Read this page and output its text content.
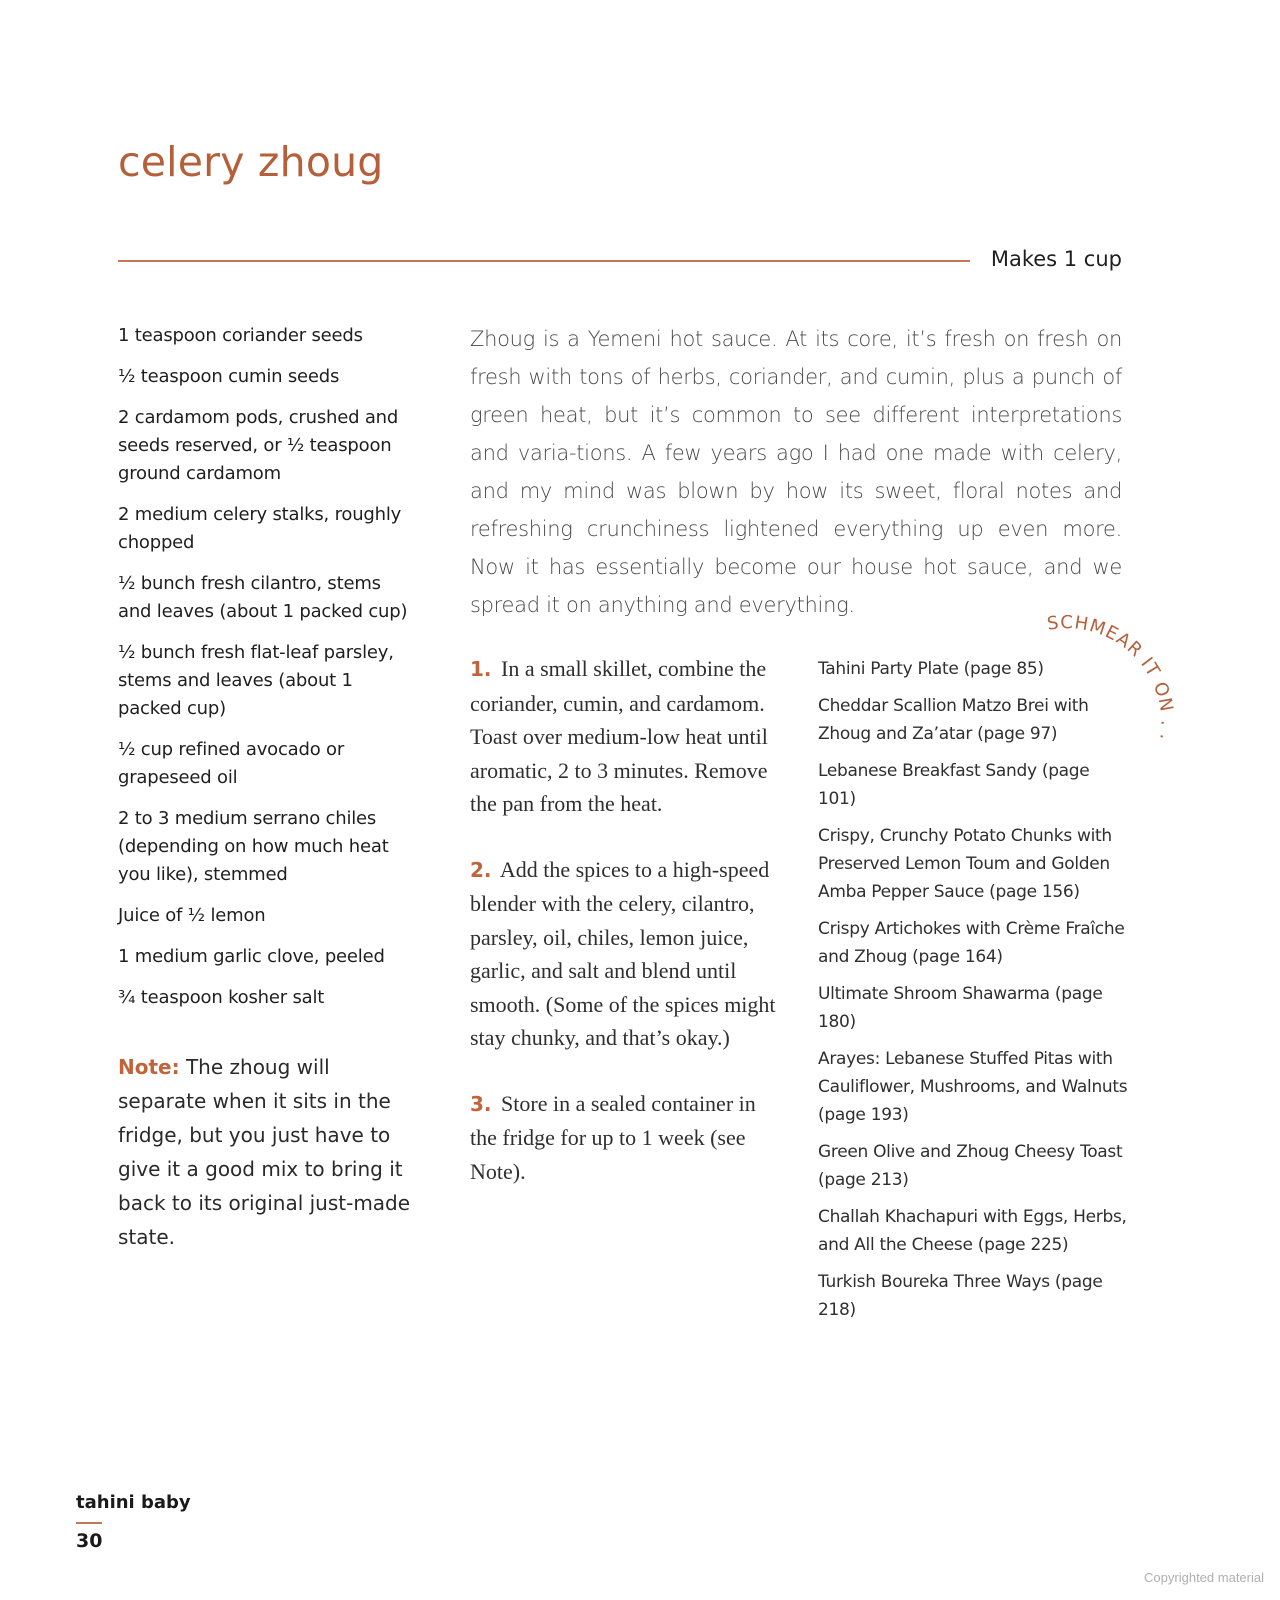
celery zhoug
Makes 1 cup
1 teaspoon coriander seeds
½ teaspoon cumin seeds
2 cardamom pods, crushed and seeds reserved, or ½ teaspoon ground cardamom
2 medium celery stalks, roughly chopped
½ bunch fresh cilantro, stems and leaves (about 1 packed cup)
½ bunch fresh flat-leaf parsley, stems and leaves (about 1 packed cup)
½ cup refined avocado or grapeseed oil
2 to 3 medium serrano chiles (depending on how much heat you like), stemmed
Juice of ½ lemon
1 medium garlic clove, peeled
¾ teaspoon kosher salt

Note: The zhoug will separate when it sits in the fridge, but you just have to give it a good mix to bring it back to its original just-made state.

Zhoug is a Yemeni hot sauce. At its core, it’s fresh on fresh on fresh with tons of herbs, coriander, and cumin, plus a punch of green heat, but it’s common to see different interpretations and varia-tions. A few years ago I had one made with celery, and my mind was blown by how its sweet, floral notes and refreshing crunchiness lightened everything up even more. Now it has essentially become our house hot sauce, and we spread it on anything and everything.

1. In a small skillet, combine the coriander, cumin, and cardamom. Toast over medium-low heat until aromatic, 2 to 3 minutes. Remove the pan from the heat.
2. Add the spices to a high-speed blender with the celery, cilantro, parsley, oil, chiles, lemon juice, garlic, and salt and blend until smooth. (Some of the spices might stay chunky, and that’s okay.)
3. Store in a sealed container in the fridge for up to 1 week (see Note).
SCHMEAR IT ON . . .
Tahini Party Plate (page 85)
Cheddar Scallion Matzo Brei with Zhoug and Za’atar (page 97)
Lebanese Breakfast Sandy (page 101)
Crispy, Crunchy Potato Chunks with Preserved Lemon Toum and Golden Amba Pepper Sauce (page 156)
Crispy Artichokes with Crème Fraîche and Zhoug (page 164)
Ultimate Shroom Shawarma (page 180)
Arayes: Lebanese Stuffed Pitas with Cauliflower, Mushrooms, and Walnuts (page 193)
Green Olive and Zhoug Cheesy Toast (page 213)
Challah Khachapuri with Eggs, Herbs, and All the Cheese (page 225)
Turkish Boureka Three Ways (page 218)

tahini baby

30

Copyrighted material
